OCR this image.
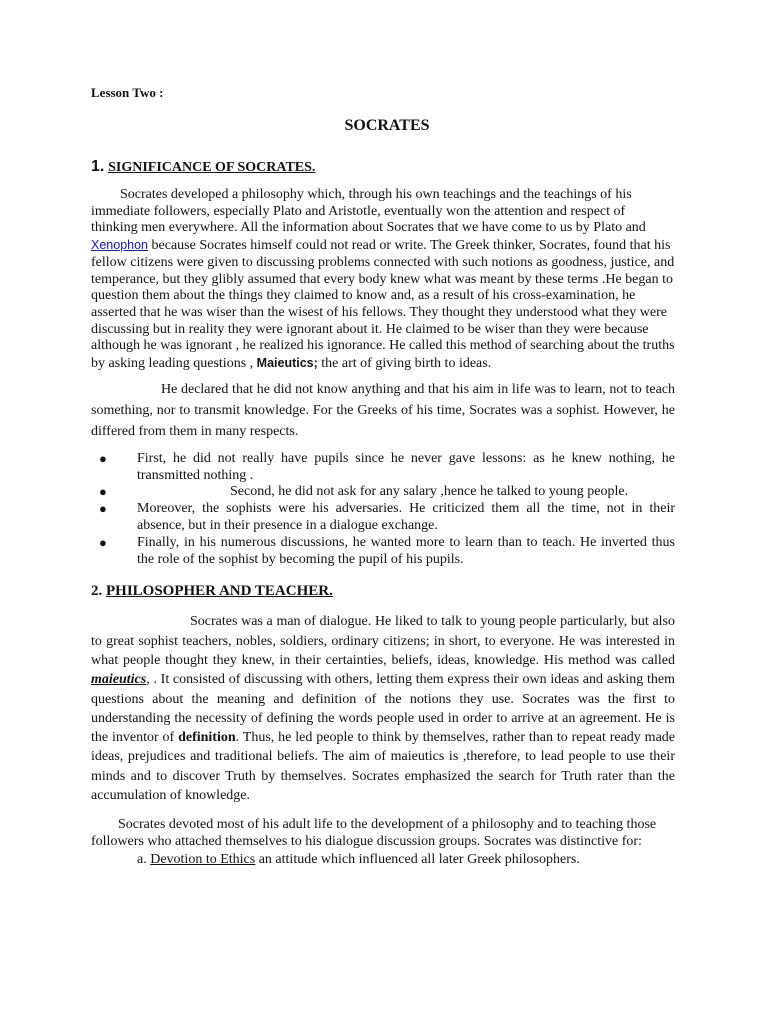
Lesson Two :

SOCRATES
1. SIGNIFICANCE OF SOCRATES.

Socrates developed a philosophy which, through his own teachings and the teachings of his immediate followers, especially Plato and Aristotle, eventually won the attention and respect of thinking men everywhere. All the information about Socrates that we have come to us by Plato and Xenophon because Socrates himself could not read or write. The Greek thinker, Socrates, found that his fellow citizens were given to discussing problems connected with such notions as goodness, justice, and temperance, but they glibly assumed that every body knew what was meant by these terms .He began to question them about the things they claimed to know and, as a result of his cross-examination, he asserted that he was wiser than the wisest of his fellows. They thought they understood what they were discussing but in reality they were ignorant about it. He claimed to be wiser than they were because although he was ignorant , he realized his ignorance. He called this method of searching about the truths by asking leading questions , Maieutics; the art of giving birth to ideas.

He declared that he did not know anything and that his aim in life was to learn, not to teach something, nor to transmit knowledge. For the Greeks of his time, Socrates was a sophist. However, he differed from them in many respects.

● First, he did not really have pupils since he never gave lessons: as he knew nothing, he transmitted nothing .
●	Second, he did not ask for any salary ,hence he talked to young people.
● Moreover, the sophists were his adversaries. He criticized them all the time, not in their absence, but in their presence in a dialogue exchange.
● Finally, in his numerous discussions, he wanted more to learn than to teach. He inverted thus the role of the sophist by becoming the pupil of his pupils.
2. PHILOSOPHER AND TEACHER.

Socrates was a man of dialogue. He liked to talk to young people particularly, but also to great sophist teachers, nobles, soldiers, ordinary citizens; in short, to everyone. He was interested in what people thought they knew, in their certainties, beliefs, ideas, knowledge. His method was called maieutics, . It consisted of discussing with others, letting them express their own ideas and asking them questions about the meaning and definition of the notions they use. Socrates was the first to understanding the necessity of defining the words people used in order to arrive at an agreement. He is the inventor of definition. Thus, he led people to think by themselves, rather than to repeat ready made ideas, prejudices and traditional beliefs. The aim of maieutics is ,therefore, to lead people to use their minds and to discover Truth by themselves. Socrates emphasized the search for Truth rater than the accumulation of knowledge.

Socrates devoted most of his adult life to the development of a philosophy and to teaching those followers who attached themselves to his dialogue discussion groups. Socrates was distinctive for:

a. Devotion to Ethics an attitude which influenced all later Greek philosophers.
